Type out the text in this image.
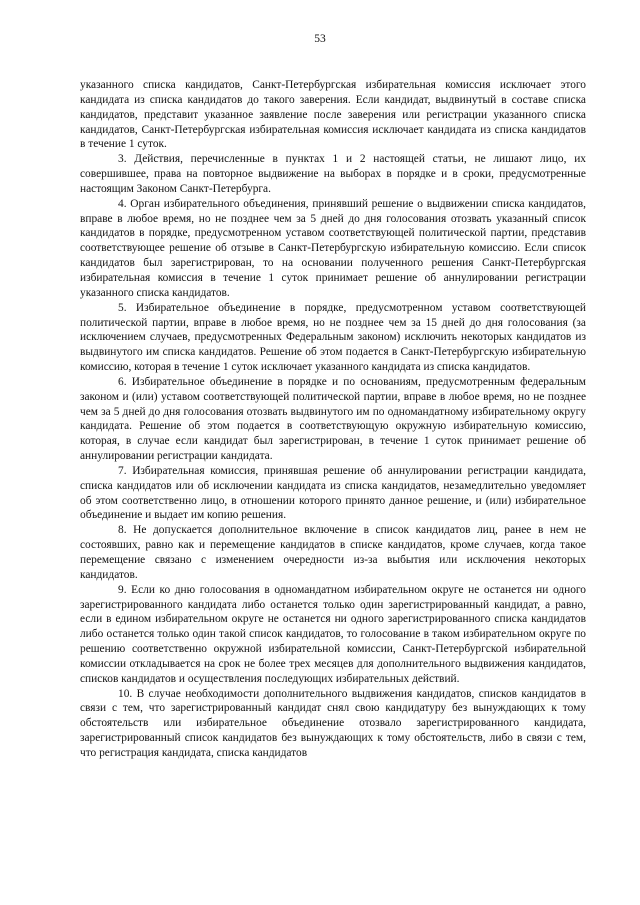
53

указанного списка кандидатов, Санкт-Петербургская избирательная комиссия исключает этого кандидата из списка кандидатов до такого заверения. Если кандидат, выдвинутый в составе списка кандидатов, представит указанное заявление после заверения или регистрации указанного списка кандидатов, Санкт-Петербургская избирательная комиссия исключает кандидата из списка кандидатов в течение 1 суток.

3. Действия, перечисленные в пунктах 1 и 2 настоящей статьи, не лишают лицо, их совершившее, права на повторное выдвижение на выборах в порядке и в сроки, предусмотренные настоящим Законом Санкт-Петербурга.

4. Орган избирательного объединения, принявший решение о выдвижении списка кандидатов, вправе в любое время, но не позднее чем за 5 дней до дня голосования отозвать указанный список кандидатов в порядке, предусмотренном уставом соответствующей политической партии, представив соответствующее решение об отзыве в Санкт-Петербургскую избирательную комиссию. Если список кандидатов был зарегистрирован, то на основании полученного решения Санкт-Петербургская избирательная комиссия в течение 1 суток принимает решение об аннулировании регистрации указанного списка кандидатов.

5. Избирательное объединение в порядке, предусмотренном уставом соответствующей политической партии, вправе в любое время, но не позднее чем за 15 дней до дня голосования (за исключением случаев, предусмотренных Федеральным законом) исключить некоторых кандидатов из выдвинутого им списка кандидатов. Решение об этом подается в Санкт-Петербургскую избирательную комиссию, которая в течение 1 суток исключает указанного кандидата из списка кандидатов.

6. Избирательное объединение в порядке и по основаниям, предусмотренным федеральным законом и (или) уставом соответствующей политической партии, вправе в любое время, но не позднее чем за 5 дней до дня голосования отозвать выдвинутого им по одномандатному избирательному округу кандидата. Решение об этом подается в соответствующую окружную избирательную комиссию, которая, в случае если кандидат был зарегистрирован, в течение 1 суток принимает решение об аннулировании регистрации кандидата.

7. Избирательная комиссия, принявшая решение об аннулировании регистрации кандидата, списка кандидатов или об исключении кандидата из списка кандидатов, незамедлительно уведомляет об этом соответственно лицо, в отношении которого принято данное решение, и (или) избирательное объединение и выдает им копию решения.

8. Не допускается дополнительное включение в список кандидатов лиц, ранее в нем не состоявших, равно как и перемещение кандидатов в списке кандидатов, кроме случаев, когда такое перемещение связано с изменением очередности из-за выбытия или исключения некоторых кандидатов.

9. Если ко дню голосования в одномандатном избирательном округе не останется ни одного зарегистрированного кандидата либо останется только один зарегистрированный кандидат, а равно, если в едином избирательном округе не останется ни одного зарегистрированного списка кандидатов либо останется только один такой список кандидатов, то голосование в таком избирательном округе по решению соответственно окружной избирательной комиссии, Санкт-Петербургской избирательной комиссии откладывается на срок не более трех месяцев для дополнительного выдвижения кандидатов, списков кандидатов и осуществления последующих избирательных действий.

10. В случае необходимости дополнительного выдвижения кандидатов, списков кандидатов в связи с тем, что зарегистрированный кандидат снял свою кандидатуру без вынуждающих к тому обстоятельств или избирательное объединение отозвало зарегистрированного кандидата, зарегистрированный список кандидатов без вынуждающих к тому обстоятельств, либо в связи с тем, что регистрация кандидата, списка кандидатов
